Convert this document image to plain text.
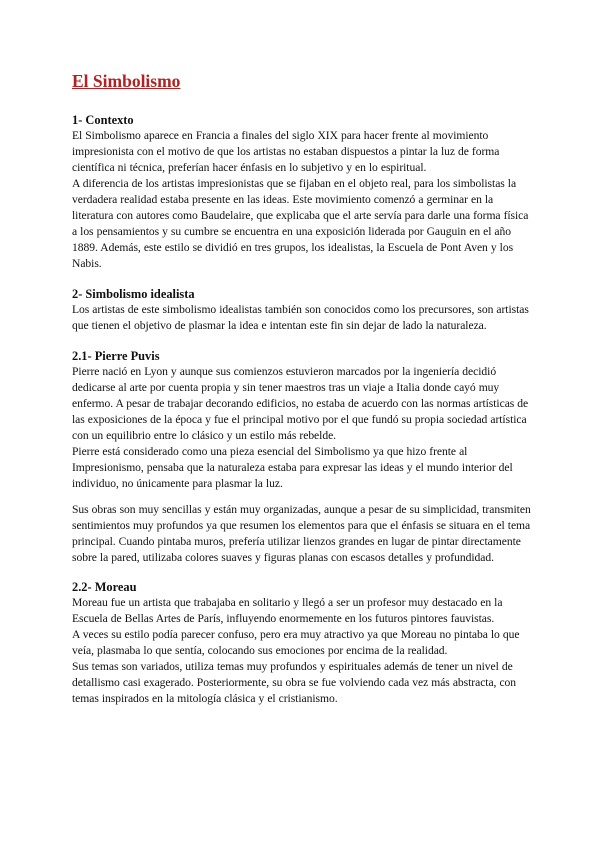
El Simbolismo
1- Contexto

El Simbolismo aparece en Francia a finales del siglo XIX para hacer frente al movimiento impresionista con el motivo de que los artistas no estaban dispuestos a pintar la luz de forma científica ni técnica, preferían hacer énfasis en lo subjetivo y en lo espiritual.

A diferencia de los artistas impresionistas que se fijaban en el objeto real, para los simbolistas la verdadera realidad estaba presente en las ideas. Este movimiento comenzó a germinar en la literatura con autores como Baudelaire, que explicaba que el arte servía para darle una forma física a los pensamientos y su cumbre se encuentra en una exposición liderada por Gauguin en el año 1889. Además, este estilo se dividió en tres grupos, los idealistas, la Escuela de Pont Aven y los Nabis.

2- Simbolismo idealista

Los artistas de este simbolismo idealistas también son conocidos como los precursores, son artistas que tienen el objetivo de plasmar la idea e intentan este fin sin dejar de lado la naturaleza.

2.1- Pierre Puvis

Pierre nació en Lyon y aunque sus comienzos estuvieron marcados por la ingeniería decidió dedicarse al arte por cuenta propia y sin tener maestros tras un viaje a Italia donde cayó muy enfermo. A pesar de trabajar decorando edificios, no estaba de acuerdo con las normas artísticas de las exposiciones de la época y fue el principal motivo por el que fundó su propia sociedad artística con un equilibrio entre lo clásico y un estilo más rebelde.

Pierre está considerado como una pieza esencial del Simbolismo ya que hizo frente al Impresionismo, pensaba que la naturaleza estaba para expresar las ideas y el mundo interior del individuo, no únicamente para plasmar la luz.

Sus obras son muy sencillas y están muy organizadas, aunque a pesar de su simplicidad, transmiten sentimientos muy profundos ya que resumen los elementos para que el énfasis se situara en el tema principal. Cuando pintaba muros, prefería utilizar lienzos grandes en lugar de pintar directamente sobre la pared, utilizaba colores suaves y figuras planas con escasos detalles y profundidad.

2.2- Moreau

Moreau fue un artista que trabajaba en solitario y llegó a ser un profesor muy destacado en la Escuela de Bellas Artes de París, influyendo enormemente en los futuros pintores fauvistas.

A veces su estilo podía parecer confuso, pero era muy atractivo ya que Moreau no pintaba lo que veía, plasmaba lo que sentía, colocando sus emociones por encima de la realidad.

Sus temas son variados, utiliza temas muy profundos y espirituales además de tener un nivel de detallismo casi exagerado. Posteriormente, su obra se fue volviendo cada vez más abstracta, con temas inspirados en la mitología clásica y el cristianismo.
